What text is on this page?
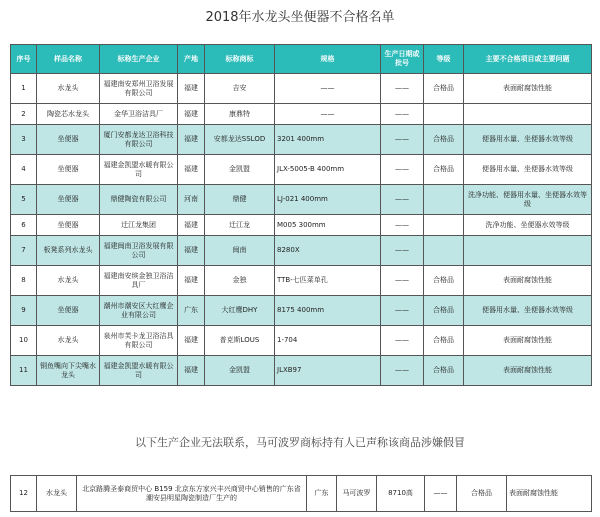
2018年水龙头坐便器不合格名单
序号	样品名称	标称生产企业	产地	标称商标	规格	生产日期或批号	等级	主要不合格项目或主要问题
1	水龙头	福建南安郑州卫浴发展有限公司	福建	吉安	——	——	合格品	表面耐腐蚀性能
2	陶瓷芯水龙头	金华卫浴洁具厂	福建	康鼎特	——	——		
3	坐便器	厦门安都龙达卫浴科技有限公司	福建	安都龙达SSLOD	3201 400mm	——	合格品	便器用水量、坐便器水效等级
4	坐便器	福建金凯盟水暖有限公司	福建	金凯盟	JLX-5005-B 400mm	——	合格品	便器用水量、坐便器水效等级
5	坐便器	鼎健陶瓷有限公司	河南	鼎健	LJ-021 400mm	——		洗净功能、便器用水量、坐便器水效等级
6	坐便器	迁江龙集团	福建	迁江龙	M005 300mm	——		洗净功能、坐便器水效等级
7	板凳系列水龙头	福建闽南卫浴发展有限公司	福建	闽南	8280X	——		
8	水龙头	福建南安缤金独卫浴洁具厂	福建	金独	TTB-七匹菜单孔	——	合格品	表面耐腐蚀性能
9	坐便器	潮州市潮安区大红鹰企业有限公司	广东	大红鹰DHY	8175 400mm	——	合格品	便器用水量、坐便器水效等级
10	水龙头	泉州市芙卡龙卫浴洁具有限公司	福建	普克斯LOUS	1-704	——	合格品	表面耐腐蚀性能
11	铜鱼嘴向下尖嘴水龙头	福建金凯盟水暖有限公司	福建	金凯盟	JLXB97	——	合格品	表面耐腐蚀性能
以下生产企业无法联系，马可波罗商标持有人已声称该商品涉嫌假冒
12	水龙头	北京路腾圣泰商贸中心 B159 北京东方家兴丰兴商贸中心销售的广东省潮安县明星陶瓷制造厂生产的	广东	马可波罗	8710高	——	合格品	表面耐腐蚀性能
